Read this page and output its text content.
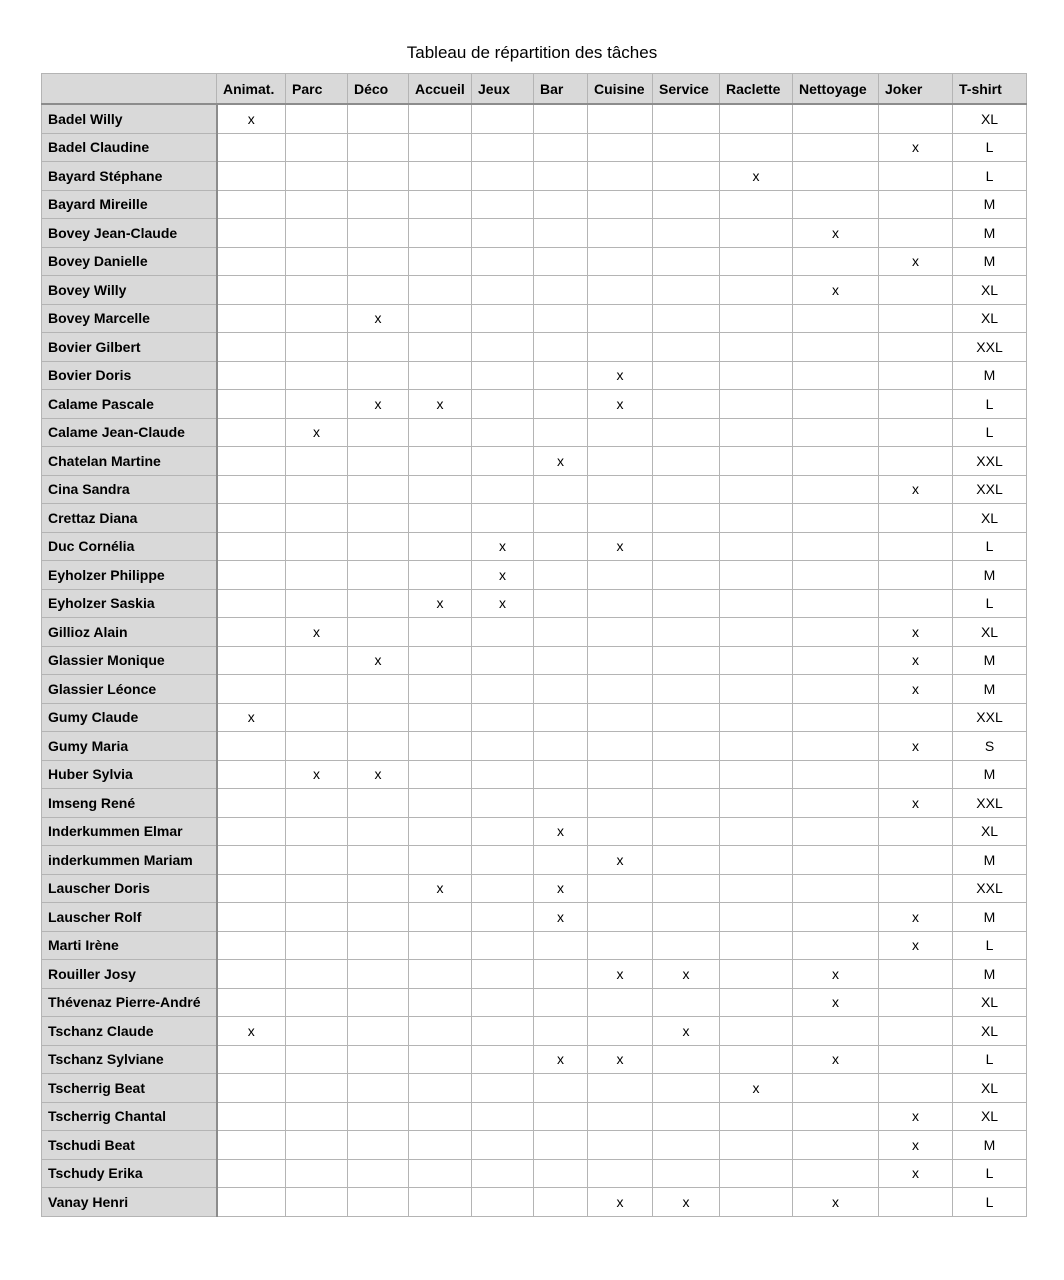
Tableau de répartition des tâches
	Animat.	Parc	Déco	Accueil	Jeux	Bar	Cuisine	Service	Raclette	Nettoyage	Joker	T-shirt
Badel Willy	x											XL
Badel Claudine											x	L
Bayard Stéphane									x			L
Bayard Mireille												M
Bovey Jean-Claude										x		M
Bovey Danielle											x	M
Bovey Willy										x		XL
Bovey Marcelle			x									XL
Bovier Gilbert												XXL
Bovier Doris							x					M
Calame Pascale			x	x			x					L
Calame Jean-Claude		x										L
Chatelan Martine						x						XXL
Cina Sandra											x	XXL
Crettaz Diana												XL
Duc Cornélia					x		x					L
Eyholzer Philippe					x							M
Eyholzer Saskia				x	x							L
Gillioz Alain		x									x	XL
Glassier Monique			x								x	M
Glassier Léonce											x	M
Gumy Claude	x											XXL
Gumy Maria											x	S
Huber Sylvia		x	x									M
Imseng René											x	XXL
Inderkummen Elmar						x						XL
inderkummen Mariam							x					M
Lauscher Doris				x		x						XXL
Lauscher Rolf						x					x	M
Marti Irène											x	L
Rouiller Josy							x	x		x		M
Thévenaz Pierre-André										x		XL
Tschanz Claude	x							x				XL
Tschanz Sylviane						x	x			x		L
Tscherrig Beat									x			XL
Tscherrig Chantal											x	XL
Tschudi Beat											x	M
Tschudy Erika											x	L
Vanay Henri							x	x		x		L
